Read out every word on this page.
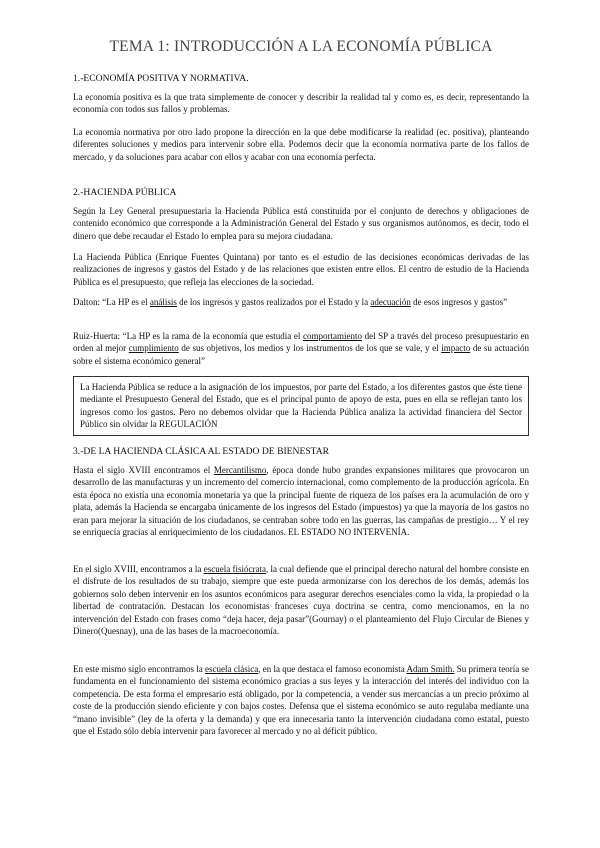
TEMA 1: INTRODUCCIÓN A LA ECONOMÍA PÚBLICA
1.-ECONOMÍA POSITIVA Y NORMATIVA.

La economía positiva es la que trata simplemente de conocer y describir la realidad tal y como es, es decir, representando la economía con todos sus fallos y problemas.

La economía normativa por otro lado propone la dirección en la que debe modificarse la realidad (ec. positiva), planteando diferentes soluciones y medios para intervenir sobre ella. Podemos decir que la economía normativa parte de los fallos de mercado, y da soluciones para acabar con ellos y acabar con una economía perfecta.

2.-HACIENDA PÚBLICA

Según la Ley General presupuestaria la Hacienda Pública está constituida por el conjunto de derechos y obligaciones de contenido económico que corresponde a la Administración General del Estado y sus organismos autónomos, es decir, todo el dinero que debe recaudar el Estado lo emplea para su mejora ciudadana.

La Hacienda Pública (Enrique Fuentes Quintana) por tanto es el estudio de las decisiones económicas derivadas de las realizaciones de ingresos y gastos del Estado y de las relaciones que existen entre ellos. El centro de estudio de la Hacienda Pública es el presupuesto, que refleja las elecciones de la sociedad.

Dalton: “La HP es el análisis de los ingresos y gastos realizados por el Estado y la adecuación de esos ingresos y gastos”

Ruiz-Huerta: “La HP es la rama de la economía que estudia el comportamiento del SP a través del proceso presupuestario en orden al mejor cumplimiento de sus objetivos, los medios y los instrumentos de los que se vale, y el impacto de su actuación sobre el sistema económico general”

La Hacienda Pública se reduce a la asignación de los impuestos, por parte del Estado, a los diferentes gastos que éste tiene mediante el Presupuesto General del Estado, que es el principal punto de apoyo de esta, pues en ella se reflejan tanto los ingresos como los gastos. Pero no debemos olvidar que la Hacienda Pública analiza la actividad financiera del Sector Público sin olvidar la REGULACIÓN
3.-DE LA HACIENDA CLÁSICA AL ESTADO DE BIENESTAR

Hasta el siglo XVIII encontramos el Mercantilismo, época donde hubo grandes expansiones militares que provocaron un desarrollo de las manufacturas y un incremento del comercio internacional, como complemento de la producción agrícola. En esta época no existía una economía monetaria ya que la principal fuente de riqueza de los países era la acumulación de oro y plata, además la Hacienda se encargaba únicamente de los ingresos del Estado (impuestos) ya que la mayoría de los gastos no eran para mejorar la situación de los ciudadanos, se centraban sobre todo en las guerras, las campañas de prestigio… Y el rey se enriquecía gracias al enriquecimiento de los ciudadanos. EL ESTADO NO INTERVENÍA.

En el siglo XVIII, encontramos a la escuela fisiócrata, la cual defiende que el principal derecho natural del hombre consiste en el disfrute de los resultados de su trabajo, siempre que este pueda armonizarse con los derechos de los demás, además los gobiernos solo deben intervenir en los asuntos económicos para asegurar derechos esenciales como la vida, la propiedad o la libertad de contratación. Destacan los economistas franceses cuya doctrina se centra, como mencionamos, en la no intervención del Estado con frases como “deja hacer, deja pasar”(Gournay) o el planteamiento del Flujo Circular de Bienes y Dinero(Quesnay), una de las bases de la macroeconomía.

En este mismo siglo encontramos la escuela clásica, en la que destaca el famoso economista Adam Smith. Su primera teoría se fundamenta en el funcionamiento del sistema económico gracias a sus leyes y la interacción del interés del individuo con la competencia. De esta forma el empresario está obligado, por la competencia, a vender sus mercancías a un precio próximo al coste de la producción siendo eficiente y con bajos costes. Defensa que el sistema económico se auto regulaba mediante una “mano invisible” (ley de la oferta y la demanda) y que era innecesaria tanto la intervención ciudadana como estatal, puesto que el Estado sólo debía intervenir para favorecer al mercado y no al déficit público.
